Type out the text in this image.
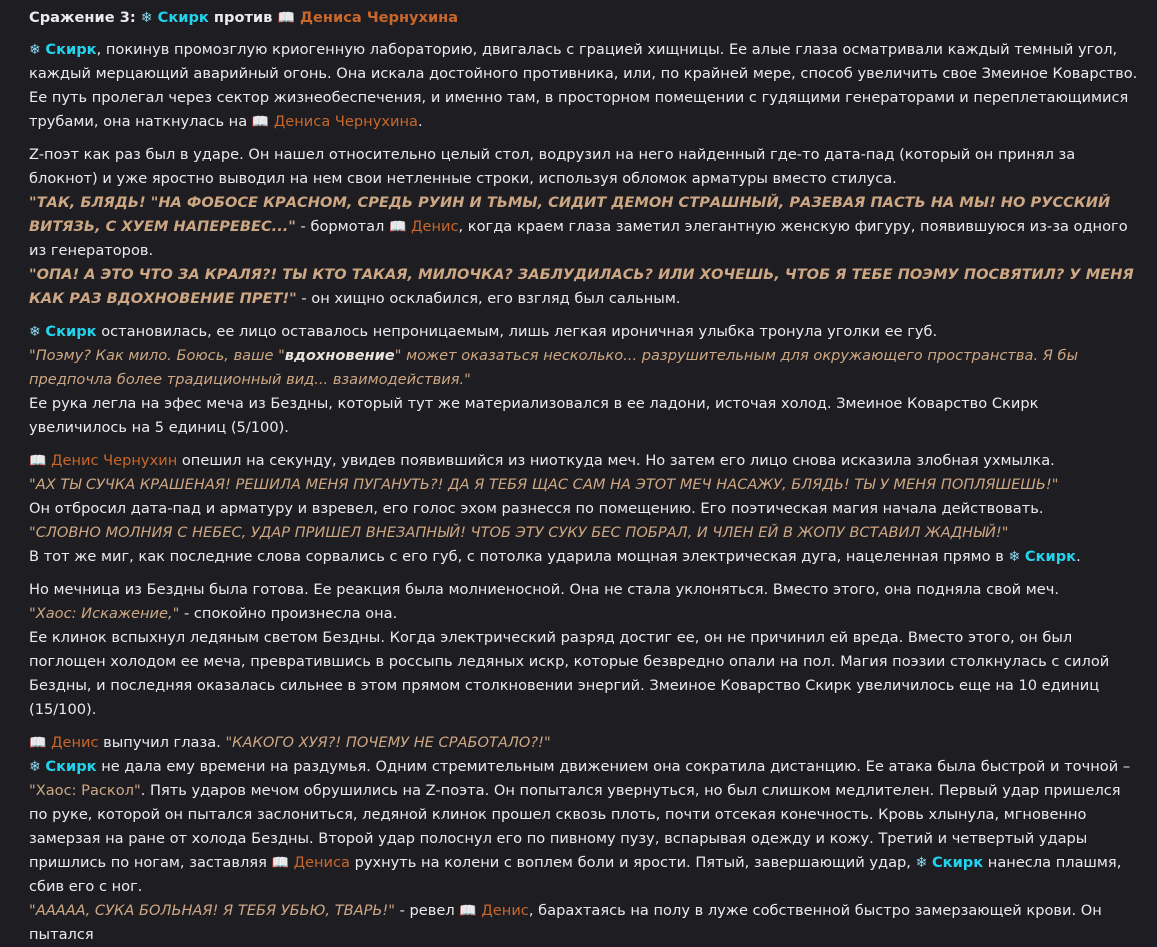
Сражение 3: ❄ Скирк против 📖 Дениса Чернухина

❄ Скирк, покинув промозглую криогенную лабораторию, двигалась с грацией хищницы. Ее алые глаза осматривали каждый темный угол, каждый мерцающий аварийный огонь. Она искала достойного противника, или, по крайней мере, способ увеличить свое Змеиное Коварство. Ее путь пролегал через сектор жизнеобеспечения, и именно там, в просторном помещении с гудящими генераторами и переплетающимися трубами, она наткнулась на 📖 Дениса Чернухина.

Z-поэт как раз был в ударе. Он нашел относительно целый стол, водрузил на него найденный где-то дата-пад (который он принял за блокнот) и уже яростно выводил на нем свои нетленные строки, используя обломок арматуры вместо стилуса.
"ТАК, БЛЯДЬ! "НА ФОБОСЕ КРАСНОМ, СРЕДЬ РУИН И ТЬМЫ, СИДИТ ДЕМОН СТРАШНЫЙ, РАЗЕВАЯ ПАСТЬ НА МЫ! НО РУССКИЙ ВИТЯЗЬ, С ХУЕМ НАПЕРЕВЕС..." - бормотал 📖 Денис, когда краем глаза заметил элегантную женскую фигуру, появившуюся из-за одного из генераторов.
"ОПА! А ЭТО ЧТО ЗА КРАЛЯ?! ТЫ КТО ТАКАЯ, МИЛОЧКА? ЗАБЛУДИЛАСЬ? ИЛИ ХОЧЕШЬ, ЧТОБ Я ТЕБЕ ПОЭМУ ПОСВЯТИЛ? У МЕНЯ КАК РАЗ ВДОХНОВЕНИЕ ПРЕТ!" - он хищно осклабился, его взгляд был сальным.

❄ Скирк остановилась, ее лицо оставалось непроницаемым, лишь легкая ироничная улыбка тронула уголки ее губ.
"Поэму? Как мило. Боюсь, ваше "вдохновение" может оказаться несколько... разрушительным для окружающего пространства. Я бы предпочла более традиционный вид... взаимодействия."
Ее рука легла на эфес меча из Бездны, который тут же материализовался в ее ладони, источая холод. Змеиное Коварство Скирк увеличилось на 5 единиц (5/100).

📖 Денис Чернухин опешил на секунду, увидев появившийся из ниоткуда меч. Но затем его лицо снова исказила злобная ухмылка.
"АХ ТЫ СУЧКА КРАШЕНАЯ! РЕШИЛА МЕНЯ ПУГАНУТЬ?! ДА Я ТЕБЯ ЩАС САМ НА ЭТОТ МЕЧ НАСАЖУ, БЛЯДЬ! ТЫ У МЕНЯ ПОПЛЯШЕШЬ!"
Он отбросил дата-пад и арматуру и взревел, его голос эхом разнесся по помещению. Его поэтическая магия начала действовать.
"СЛОВНО МОЛНИЯ С НЕБЕС, УДАР ПРИШЕЛ ВНЕЗАПНЫЙ! ЧТОБ ЭТУ СУКУ БЕС ПОБРАЛ, И ЧЛЕН ЕЙ В ЖОПУ ВСТАВИЛ ЖАДНЫЙ!"
В тот же миг, как последние слова сорвались с его губ, с потолка ударила мощная электрическая дуга, нацеленная прямо в ❄ Скирк.

Но мечница из Бездны была готова. Ее реакция была молниеносной. Она не стала уклоняться. Вместо этого, она подняла свой меч.
"Хаос: Искажение," - спокойно произнесла она.
Ее клинок вспыхнул ледяным светом Бездны. Когда электрический разряд достиг ее, он не причинил ей вреда. Вместо этого, он был поглощен холодом ее меча, превратившись в россыпь ледяных искр, которые безвредно опали на пол. Магия поэзии столкнулась с силой Бездны, и последняя оказалась сильнее в этом прямом столкновении энергий. Змеиное Коварство Скирк увеличилось еще на 10 единиц (15/100).

📖 Денис выпучил глаза. "КАКОГО ХУЯ?! ПОЧЕМУ НЕ СРАБОТАЛО?!"
❄ Скирк не дала ему времени на раздумья. Одним стремительным движением она сократила дистанцию. Ее атака была быстрой и точной – "Хаос: Раскол". Пять ударов мечом обрушились на Z-поэта. Он попытался увернуться, но был слишком медлителен. Первый удар пришелся по руке, которой он пытался заслониться, ледяной клинок прошел сквозь плоть, почти отсекая конечность. Кровь хлынула, мгновенно замерзая на ране от холода Бездны. Второй удар полоснул его по пивному пузу, вспарывая одежду и кожу. Третий и четвертый удары пришлись по ногам, заставляя 📖 Дениса рухнуть на колени с воплем боли и ярости. Пятый, завершающий удар, ❄ Скирк нанесла плашмя, сбив его с ног.
"ААААА, СУКА БОЛЬНАЯ! Я ТЕБЯ УБЬЮ, ТВАРЬ!" - ревел 📖 Денис, барахтаясь на полу в луже собственной быстро замерзающей крови. Он пытался
